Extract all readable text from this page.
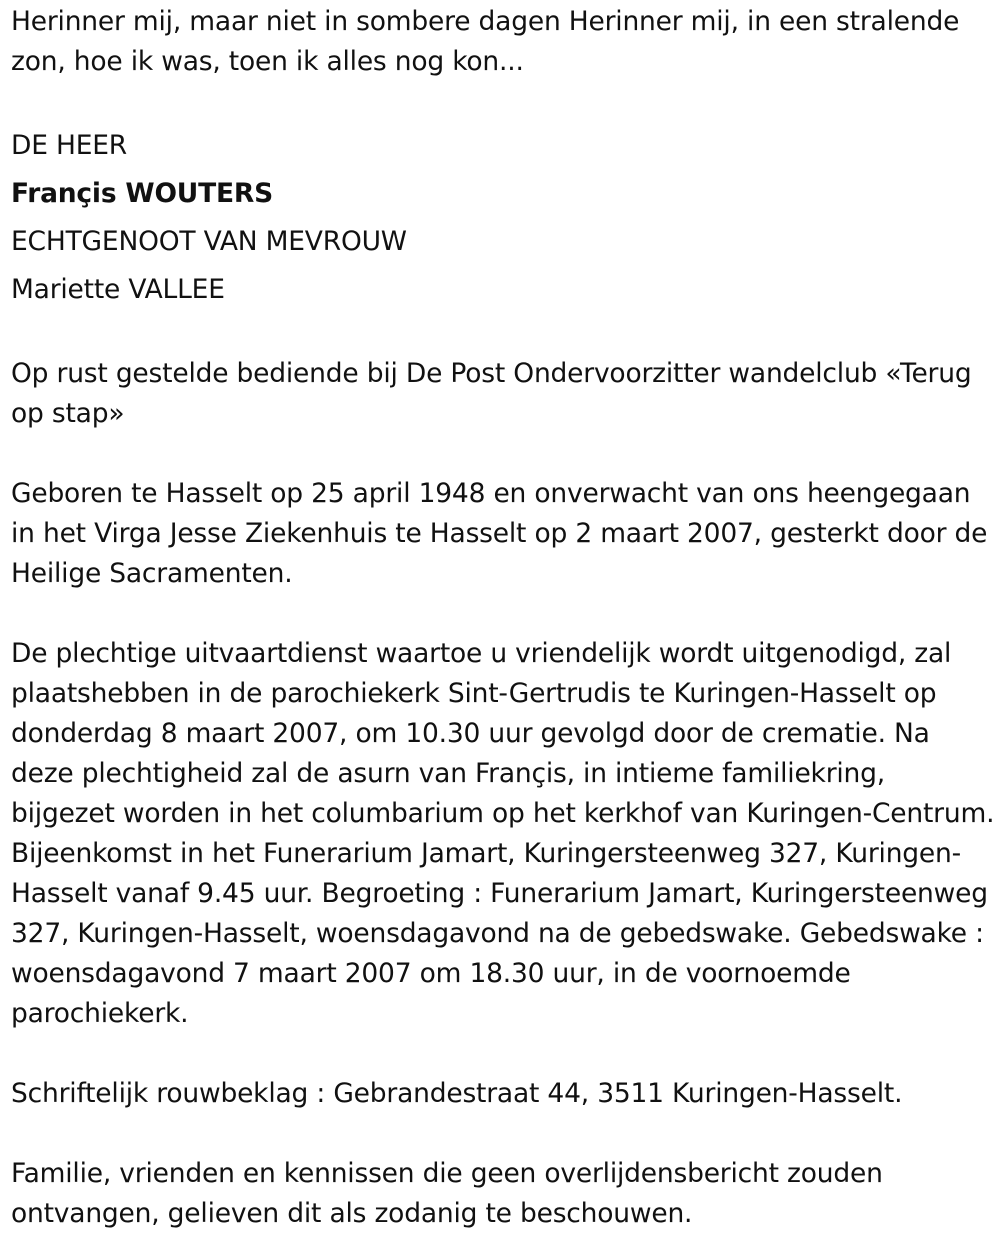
Herinner mij, maar niet in sombere dagen Herinner mij, in een stralende zon, hoe ik was, toen ik alles nog kon...

DE HEER

Françis WOUTERS

ECHTGENOOT VAN MEVROUW

Mariette VALLEE

Op rust gestelde bediende bij De Post Ondervoorzitter wandelclub «Terug op stap»

Geboren te Hasselt op 25 april 1948 en onverwacht van ons heengegaan in het Virga Jesse Ziekenhuis te Hasselt op 2 maart 2007, gesterkt door de Heilige Sacramenten.

De plechtige uitvaartdienst waartoe u vriendelijk wordt uitgenodigd, zal plaatshebben in de parochiekerk Sint-Gertrudis te Kuringen-Hasselt op donderdag 8 maart 2007, om 10.30 uur gevolgd door de crematie. Na deze plechtigheid zal de asurn van Françis, in intieme familiekring, bijgezet worden in het columbarium op het kerkhof van Kuringen-Centrum. Bijeenkomst in het Funerarium Jamart, Kuringersteenweg 327, Kuringen-Hasselt vanaf 9.45 uur. Begroeting : Funerarium Jamart, Kuringersteenweg 327, Kuringen-Hasselt, woensdagavond na de gebedswake. Gebedswake : woensdagavond 7 maart 2007 om 18.30 uur, in de voornoemde parochiekerk.

Schriftelijk rouwbeklag : Gebrandestraat 44, 3511 Kuringen-Hasselt.

Familie, vrienden en kennissen die geen overlijdensbericht zouden ontvangen, gelieven dit als zodanig te beschouwen.
